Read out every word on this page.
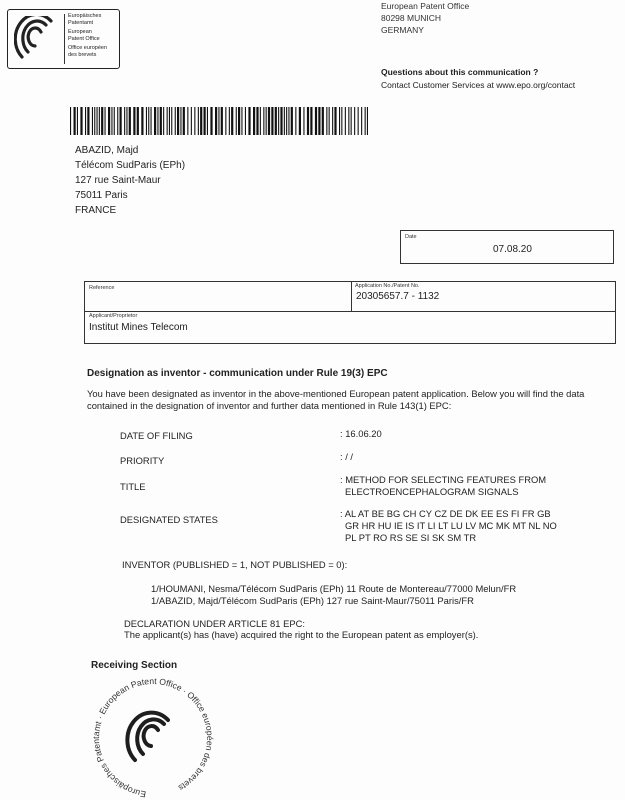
Europäisches
Patentamt
European
Patent Office
Office européen
des brevets
European Patent Office
80298 MUNICH
GERMANY
Questions about this communication ?
Contact Customer Services at www.epo.org/contact
ABAZID, Majd
Télécom SudParis (EPh)
127 rue Saint-Maur
75011 Paris
FRANCE
Date
07.08.20
Reference	Application No./Patent No.
20305657.7 - 1132
Applicant/Proprietor
Institut Mines Telecom
Designation as inventor - communication under Rule 19(3) EPC
You have been designated as inventor in the above-mentioned European patent application. Below you will find the data contained in the designation of inventor and further data mentioned in Rule 143(1) EPC:
DATE OF FILING	: 16.06.20
PRIORITY	: / /
TITLE
: METHOD FOR SELECTING FEATURES FROM
ELECTROENCEPHALOGRAM SIGNALS
DESIGNATED STATES
: AL AT BE BG CH CY CZ DE DK EE ES FI FR GB
GR HR HU IE IS IT LI LT LU LV MC MK MT NL NO
PL PT RO RS SE SI SK SM TR
INVENTOR (PUBLISHED = 1, NOT PUBLISHED = 0):
1/HOUMANI, Nesma/Télécom SudParis (EPh) 11 Route de Montereau/77000 Melun/FR
1/ABAZID, Majd/Télécom SudParis (EPh) 127 rue Saint-Maur/75011 Paris/FR
DECLARATION UNDER ARTICLE 81 EPC:
The applicant(s) has (have) acquired the right to the European patent as employer(s).
Receiving Section
Europäisches Patentamt · European Patent Office · Office européen des brevets
